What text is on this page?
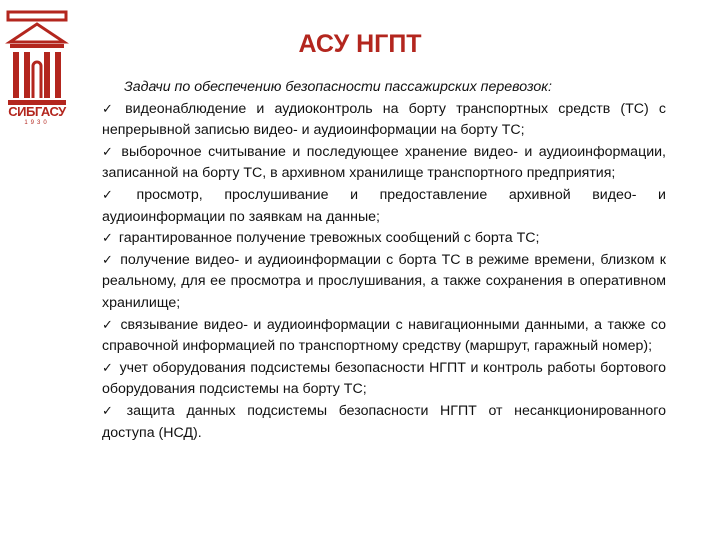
СИБГАСУ
1930
АСУ НГПТ

Задачи по обеспечению безопасности пассажирских перевозок:

✓ видеонаблюдение и аудиоконтроль на борту транспортных средств (ТС) с непрерывной записью видео- и аудиоинформации на борту ТС;

✓ выборочное считывание и последующее хранение видео- и аудиоинформации, записанной на борту ТС, в архивном хранилище транспортного предприятия;

✓ просмотр, прослушивание и предоставление архивной видео- и аудиоинформации по заявкам на данные;

✓ гарантированное получение тревожных сообщений с борта ТС;

✓ получение видео- и аудиоинформации с борта ТС в режиме времени, близком к реальному, для ее просмотра и прослушивания, а также сохранения в оперативном хранилище;

✓ связывание видео- и аудиоинформации с навигационными данными, а также со справочной информацией по транспортному средству (маршрут, гаражный номер);

✓ учет оборудования подсистемы безопасности НГПТ и контроль работы бортового оборудования подсистемы на борту ТС;

✓ защита данных подсистемы безопасности НГПТ от несанкционированного доступа (НСД).
